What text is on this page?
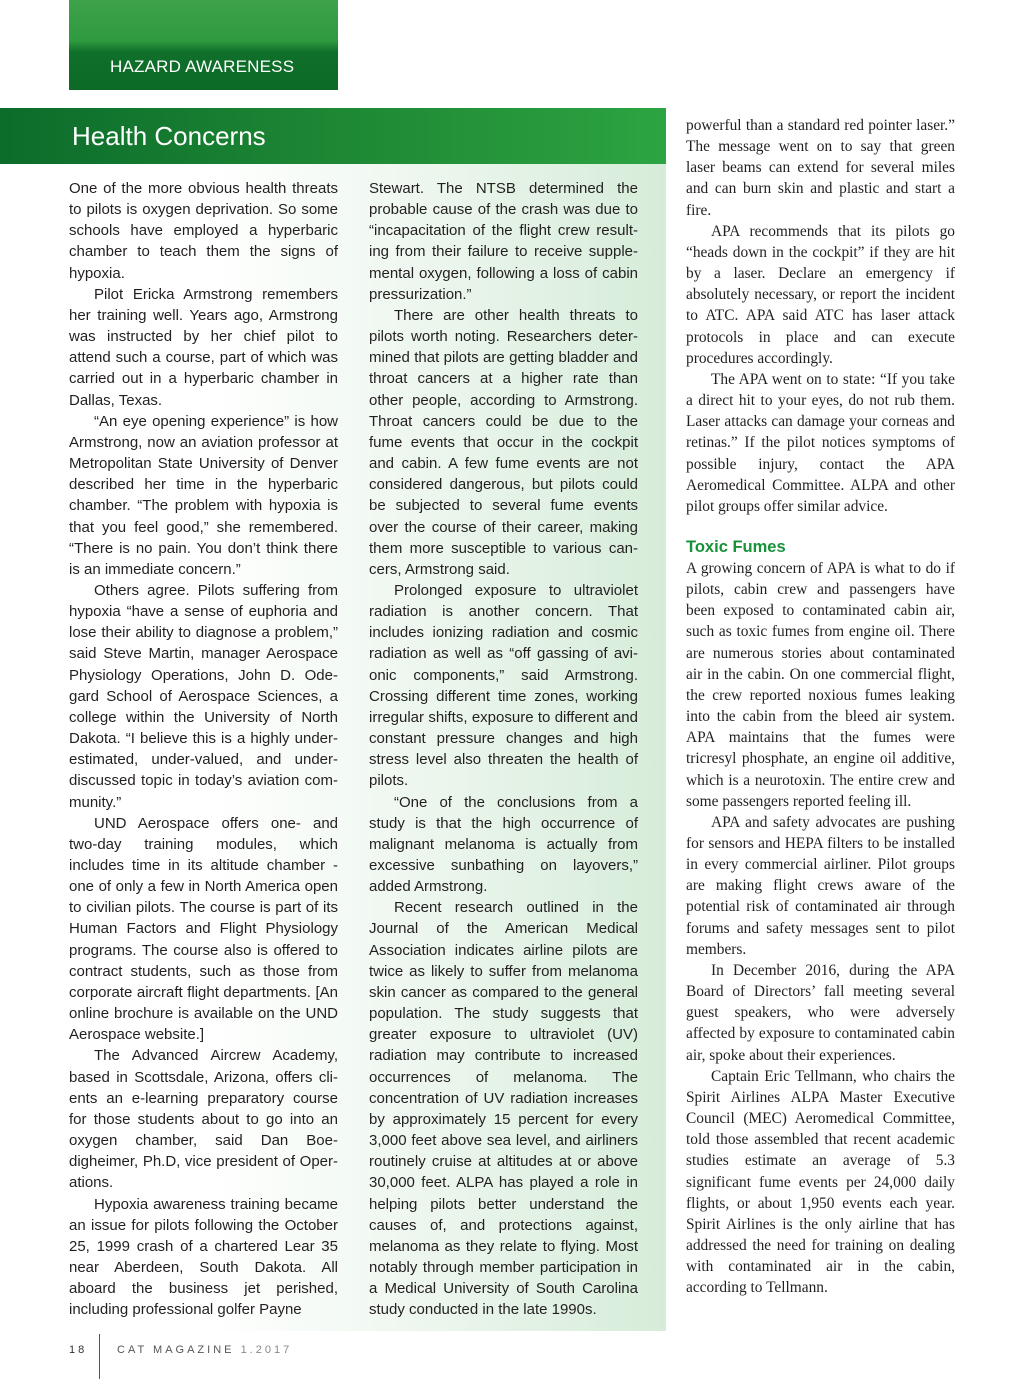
HAZARD AWARENESS
Health Concerns

One of the more obvious health threats to pilots is oxygen deprivation. So some schools have employed a hyperbaric chamber to teach them the signs of hypoxia.

Pilot Ericka Armstrong remembers her training well. Years ago, Armstrong was instructed by her chief pilot to attend such a course, part of which was carried out in a hyperbaric chamber in Dallas, Texas.

“An eye opening experience” is how Armstrong, now an aviation professor at Metropolitan State University of Denver described her time in the hyperbaric chamber. “The problem with hypoxia is that you feel good,” she remembered. “There is no pain. You don’t think there is an immediate concern.”

Others agree. Pilots suffering from hypoxia “have a sense of euphoria and lose their ability to diagnose a problem,” said Steve Martin, manager Aerospace Physiology Operations, John D. Odegard School of Aerospace Sciences, a college within the University of North Dakota. “I believe this is a highly underestimated, under-valued, and underdiscussed topic in today’s aviation community.”

UND Aerospace offers one- and two-day training modules, which includes time in its altitude chamber - one of only a few in North America open to civilian pilots. The course is part of its Human Factors and Flight Physiology programs. The course also is offered to contract students, such as those from corporate aircraft flight departments. [An online brochure is available on the UND Aerospace website.]

The Advanced Aircrew Academy, based in Scottsdale, Arizona, offers clients an e-learning preparatory course for those students about to go into an oxygen chamber, said Dan Boedigheimer, Ph.D, vice president of Operations.

Hypoxia awareness training became an issue for pilots following the October 25, 1999 crash of a chartered Lear 35 near Aberdeen, South Dakota. All aboard the business jet perished, including professional golfer Payne

Stewart. The NTSB determined the probable cause of the crash was due to “incapacitation of the flight crew resulting from their failure to receive supplemental oxygen, following a loss of cabin pressurization.”

There are other health threats to pilots worth noting. Researchers determined that pilots are getting bladder and throat cancers at a higher rate than other people, according to Armstrong. Throat cancers could be due to the fume events that occur in the cockpit and cabin. A few fume events are not considered dangerous, but pilots could be subjected to several fume events over the course of their career, making them more susceptible to various cancers, Armstrong said.

Prolonged exposure to ultraviolet radiation is another concern. That includes ionizing radiation and cosmic radiation as well as “off gassing of avionic components,” said Armstrong. Crossing different time zones, working irregular shifts, exposure to different and constant pressure changes and high stress level also threaten the health of pilots.

“One of the conclusions from a study is that the high occurrence of malignant melanoma is actually from excessive sunbathing on layovers,” added Armstrong.

Recent research outlined in the Journal of the American Medical Association indicates airline pilots are twice as likely to suffer from melanoma skin cancer as compared to the general population. The study suggests that greater exposure to ultraviolet (UV) radiation may contribute to increased occurrences of melanoma. The concentration of UV radiation increases by approximately 15 percent for every 3,000 feet above sea level, and airliners routinely cruise at altitudes at or above 30,000 feet. ALPA has played a role in helping pilots better understand the causes of, and protections against, melanoma as they relate to flying. Most notably through member participation in a Medical University of South Carolina study conducted in the late 1990s.

powerful than a standard red pointer laser.” The message went on to say that green laser beams can extend for several miles and can burn skin and plastic and start a fire.

APA recommends that its pilots go “heads down in the cockpit” if they are hit by a laser. Declare an emergency if absolutely necessary, or report the incident to ATC. APA said ATC has laser attack protocols in place and can execute procedures accordingly.

The APA went on to state: “If you take a direct hit to your eyes, do not rub them. Laser attacks can damage your corneas and retinas.” If the pilot notices symptoms of possible injury, contact the APA Aeromedical Committee. ALPA and other pilot groups offer similar advice.

Toxic Fumes

A growing concern of APA is what to do if pilots, cabin crew and passengers have been exposed to contaminated cabin air, such as toxic fumes from engine oil. There are numerous stories about contaminated air in the cabin. On one commercial flight, the crew reported noxious fumes leaking into the cabin from the bleed air system. APA maintains that the fumes were tricresyl phosphate, an engine oil additive, which is a neurotoxin. The entire crew and some passengers reported feeling ill.

APA and safety advocates are pushing for sensors and HEPA filters to be installed in every commercial airliner. Pilot groups are making flight crews aware of the potential risk of contaminated air through forums and safety messages sent to pilot members.

In December 2016, during the APA Board of Directors’ fall meeting several guest speakers, who were adversely affected by exposure to contaminated cabin air, spoke about their experiences.

Captain Eric Tellmann, who chairs the Spirit Airlines ALPA Master Executive Council (MEC) Aeromedical Committee, told those assembled that recent academic studies estimate an average of 5.3 significant fume events per 24,000 daily flights, or about 1,950 events each year. Spirit Airlines is the only airline that has addressed the need for training on dealing with contaminated air in the cabin, according to Tellmann.

18	CAT MAGAZINE 1.2017
